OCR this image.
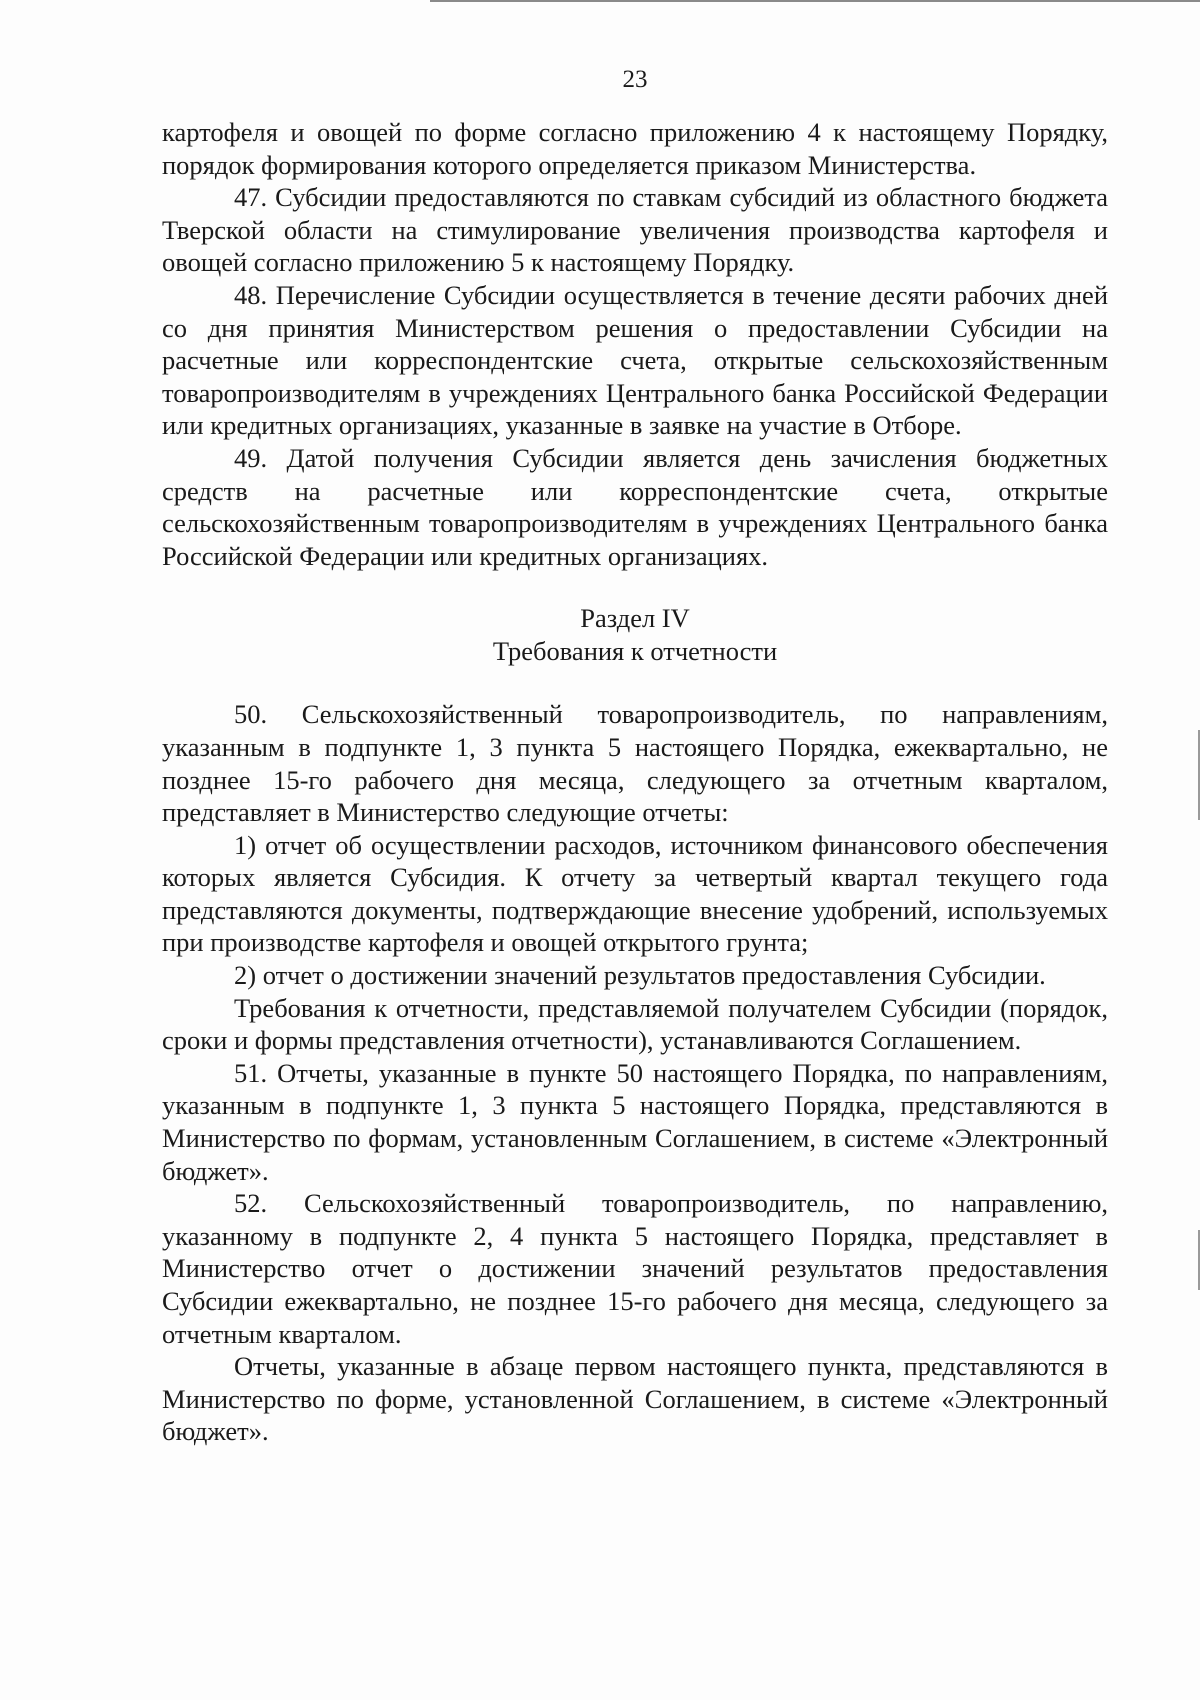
23

картофеля и овощей по форме согласно приложению 4 к настоящему Порядку, порядок формирования которого определяется приказом Министерства.

47. Субсидии предоставляются по ставкам субсидий из областного бюджета Тверской области на стимулирование увеличения производства картофеля и овощей согласно приложению 5 к настоящему Порядку.

48. Перечисление Субсидии осуществляется в течение десяти рабочих дней со дня принятия Министерством решения о предоставлении Субсидии на расчетные или корреспондентские счета, открытые сельскохозяйственным товаропроизводителям в учреждениях Центрального банка Российской Федерации или кредитных организациях, указанные в заявке на участие в Отборе.

49. Датой получения Субсидии является день зачисления бюджетных средств на расчетные или корреспондентские счета, открытые сельскохозяйственным товаропроизводителям в учреждениях Центрального банка Российской Федерации или кредитных организациях.

Раздел IV
Требования к отчетности

50. Сельскохозяйственный товаропроизводитель, по направлениям, указанным в подпункте 1, 3 пункта 5 настоящего Порядка, ежеквартально, не позднее 15-го рабочего дня месяца, следующего за отчетным кварталом, представляет в Министерство следующие отчеты:

1) отчет об осуществлении расходов, источником финансового обеспечения которых является Субсидия. К отчету за четвертый квартал текущего года представляются документы, подтверждающие внесение удобрений, используемых при производстве картофеля и овощей открытого грунта;

2) отчет о достижении значений результатов предоставления Субсидии.

Требования к отчетности, представляемой получателем Субсидии (порядок, сроки и формы представления отчетности), устанавливаются Соглашением.

51. Отчеты, указанные в пункте 50 настоящего Порядка, по направлениям, указанным в подпункте 1, 3 пункта 5 настоящего Порядка, представляются в Министерство по формам, установленным Соглашением, в системе «Электронный бюджет».

52. Сельскохозяйственный товаропроизводитель, по направлению, указанному в подпункте 2, 4 пункта 5 настоящего Порядка, представляет в Министерство отчет о достижении значений результатов предоставления Субсидии ежеквартально, не позднее 15-го рабочего дня месяца, следующего за отчетным кварталом.

Отчеты, указанные в абзаце первом настоящего пункта, представляются в Министерство по форме, установленной Соглашением, в системе «Электронный бюджет».
